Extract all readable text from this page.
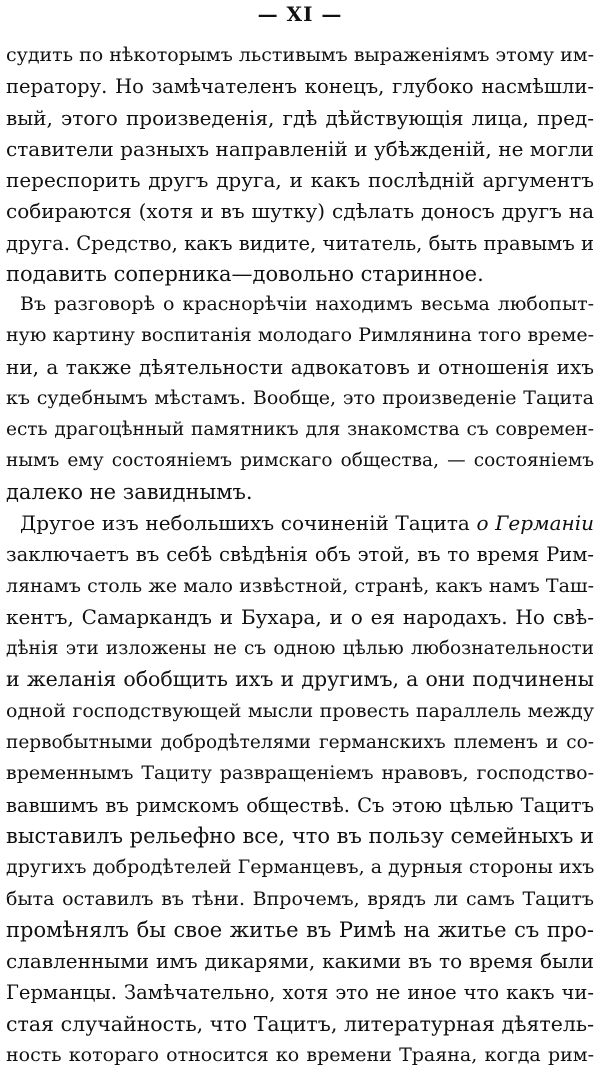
— XI —
судить по нѣкоторымъ льстивымъ выраженіямъ этому им-
ператору. Но замѣчателенъ конецъ, глубоко насмѣшли-
вый, этого произведенія, гдѣ дѣйствующія лица, пред-
ставители разныхъ направленій и убѣжденій, не могли
переспорить другъ друга, и какъ послѣдній аргументъ
собираются (хотя и въ шутку) сдѣлать доносъ другъ на
друга. Средство, какъ видите, читатель, быть правымъ и
подавить соперника—довольно старинное.
Въ разговорѣ о краснорѣчіи находимъ весьма любопыт-
ную картину воспитанія молодаго Римлянина того време-
ни, а также дѣятельности адвокатовъ и отношенія ихъ
къ судебнымъ мѣстамъ. Вообще, это произведеніе Тацита
есть драгоцѣнный памятникъ для знакомства съ современ-
нымъ ему состояніемъ римскаго общества, — состояніемъ
далеко не завиднымъ.
Другое изъ небольшихъ сочиненій Тацита о Германіи
заключаетъ въ себѣ свѣдѣнія объ этой, въ то время Рим-
лянамъ столь же мало извѣстной, странѣ, какъ намъ Таш-
кентъ, Самаркандъ и Бухара, и о ея народахъ. Но свѣ-
дѣнія эти изложены не съ одною цѣлью любознательности
и желанія обобщить ихъ и другимъ, а они подчинены
одной господствующей мысли провесть параллель между
первобытными добродѣтелями германскихъ племенъ и со-
временнымъ Тациту развращеніемъ нравовъ, господство-
вавшимъ въ римскомъ обществѣ. Съ этою цѣлью Тацитъ
выставилъ рельефно все, что въ пользу семейныхъ и
другихъ добродѣтелей Германцевъ, а дурныя стороны ихъ
быта оставилъ въ тѣни. Впрочемъ, врядъ ли самъ Тацитъ
промѣнялъ бы свое житье въ Римѣ на житье съ про-
славленными имъ дикарями, какими въ то время были
Германцы. Замѣчательно, хотя это не иное что какъ чи-
стая случайность, что Тацитъ, литературная дѣятель-
ность котораго относится ко времени Траяна, когда рим-
